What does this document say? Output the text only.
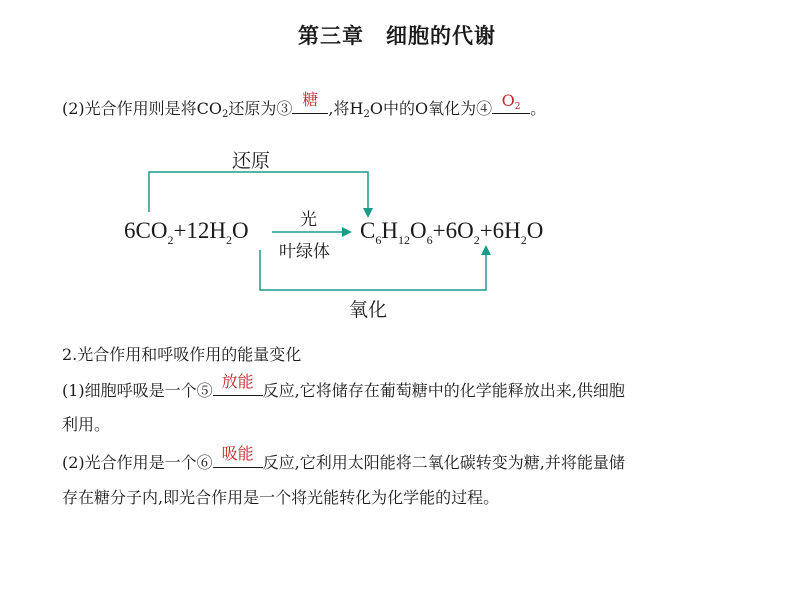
第三章　细胞的代谢
(2)光合作用则是将$CO_2$还原为③ 糖 ,将$H_2O$中的O氧化为④ $O_2$ 。
还原
光
叶绿体
氧化
$6CO_2+12H_2O$	$C_6H_{12}O_6+6O_2+6H_2O$
2.光合作用和呼吸作用的能量变化
(1)细胞呼吸是一个⑤ 放能 反应,它将储存在葡萄糖中的化学能释放出来,供细胞
利用。
(2)光合作用是一个⑥ 吸能 反应,它利用太阳能将二氧化碳转变为糖,并将能量储
存在糖分子内,即光合作用是一个将光能转化为化学能的过程。
